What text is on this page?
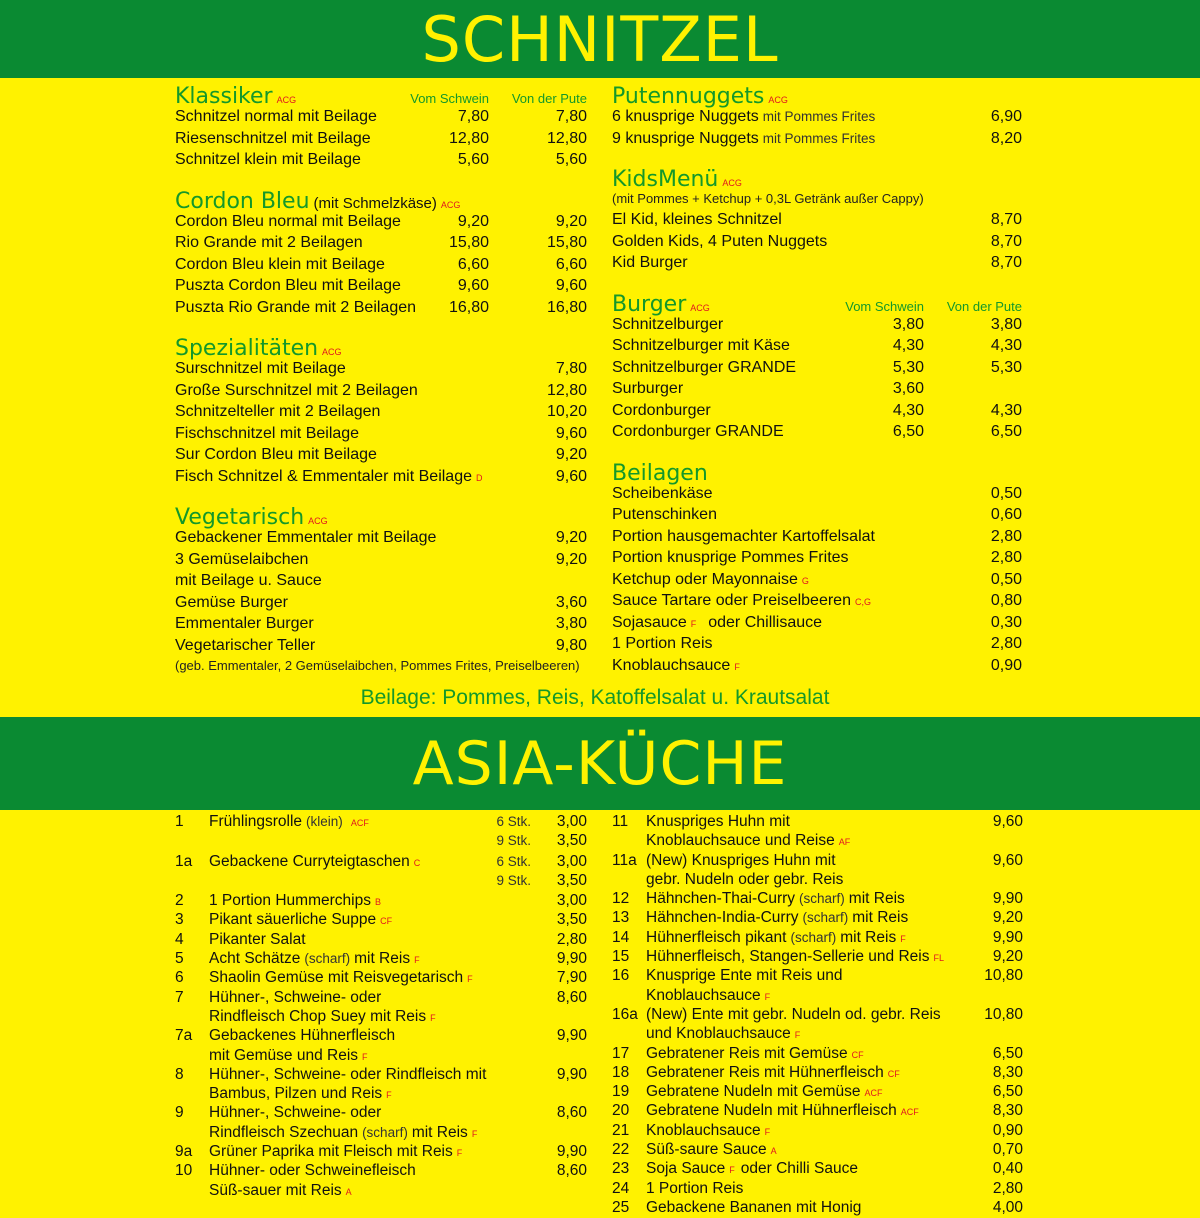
SCHNITZEL
Klassiker ACG	Vom Schwein	Von der Pute
Schnitzel normal mit Beilage	7,80	7,80
Riesenschnitzel mit Beilage	12,80	12,80
Schnitzel klein mit Beilage	5,60	5,60
Cordon Bleu (mit Schmelzkäse) ACG
Cordon Bleu normal mit Beilage	9,20	9,20
Rio Grande mit 2 Beilagen	15,80	15,80
Cordon Bleu klein mit Beilage	6,60	6,60
Puszta Cordon Bleu mit Beilage	9,60	9,60
Puszta Rio Grande mit 2 Beilagen	16,80	16,80
Spezialitäten ACG
Surschnitzel mit Beilage	7,80
Große Surschnitzel mit 2 Beilagen	12,80
Schnitzelteller mit 2 Beilagen	10,20
Fischschnitzel mit Beilage	9,60
Sur Cordon Bleu mit Beilage	9,20
Fisch Schnitzel & Emmentaler mit Beilage D	9,60
Vegetarisch ACG
Gebackener Emmentaler mit Beilage	9,20
3 Gemüselaibchen	9,20
mit Beilage u. Sauce
Gemüse Burger	3,60
Emmentaler Burger	3,80
Vegetarischer Teller	9,80
(geb. Emmentaler, 2 Gemüselaibchen, Pommes Frites, Preiselbeeren)
Putennuggets ACG
6 knusprige Nuggets mit Pommes Frites	6,90
9 knusprige Nuggets mit Pommes Frites	8,20
KidsMenü ACG
(mit Pommes + Ketchup + 0,3L Getränk außer Cappy)
El Kid, kleines Schnitzel	8,70
Golden Kids, 4 Puten Nuggets	8,70
Kid Burger	8,70
Burger ACG	Vom Schwein	Von der Pute
Schnitzelburger	3,80	3,80
Schnitzelburger mit Käse	4,30	4,30
Schnitzelburger GRANDE	5,30	5,30
Surburger	3,60
Cordonburger	4,30	4,30
Cordonburger GRANDE	6,50	6,50
Beilagen
Scheibenkäse	0,50
Putenschinken	0,60
Portion hausgemachter Kartoffelsalat	2,80
Portion knusprige Pommes Frites	2,80
Ketchup oder Mayonnaise G	0,50
Sauce Tartare oder Preiselbeeren C,G	0,80
Sojasauce F oder Chillisauce	0,30
1 Portion Reis	2,80
Knoblauchsauce F	0,90
Beilage: Pommes, Reis, Katoffelsalat u. Krautsalat
ASIA-KÜCHE
1	Frühlingsrolle (klein) ACF	6 Stk.	3,00
9 Stk.	3,50
1a	Gebackene Curryteigtaschen C	6 Stk.	3,00
9 Stk.	3,50
2	1 Portion Hummerchips B	3,00
3	Pikant säuerliche Suppe CF	3,50
4	Pikanter Salat	2,80
5	Acht Schätze (scharf) mit Reis F	9,90
6	Shaolin Gemüse mit Reisvegetarisch F	7,90
7	Hühner-, Schweine- oder	8,60
Rindfleisch Chop Suey mit Reis F
7a	Gebackenes Hühnerfleisch	9,90
mit Gemüse und Reis F
8	Hühner-, Schweine- oder Rindfleisch mit	9,90
Bambus, Pilzen und Reis F
9	Hühner-, Schweine- oder	8,60
Rindfleisch Szechuan (scharf) mit Reis F
9a	Grüner Paprika mit Fleisch mit Reis F	9,90
10	Hühner- oder Schweinefleisch	8,60
Süß-sauer mit Reis A
11	Knuspriges Huhn mit	9,60
Knoblauchsauce und Reise AF
11a (New) Knuspriges Huhn mit	9,60
gebr. Nudeln oder gebr. Reis
12	Hähnchen-Thai-Curry (scharf) mit Reis	9,90
13	Hähnchen-India-Curry (scharf) mit Reis	9,20
14	Hühnerfleisch pikant (scharf) mit Reis F	9,90
15	Hühnerfleisch, Stangen-Sellerie und Reis FL	9,20
16	Knusprige Ente mit Reis und	10,80
Knoblauchsauce F
16a (New) Ente mit gebr. Nudeln od. gebr. Reis	10,80
und Knoblauchsauce F
17	Gebratener Reis mit Gemüse CF	6,50
18	Gebratener Reis mit Hühnerfleisch CF	8,30
19	Gebratene Nudeln mit Gemüse ACF	6,50
20	Gebratene Nudeln mit Hühnerfleisch ACF	8,30
21	Knoblauchsauce F	0,90
22	Süß-saure Sauce A	0,70
23	Soja Sauce F oder Chilli Sauce	0,40
24	1 Portion Reis	2,80
25	Gebackene Bananen mit Honig	4,00
